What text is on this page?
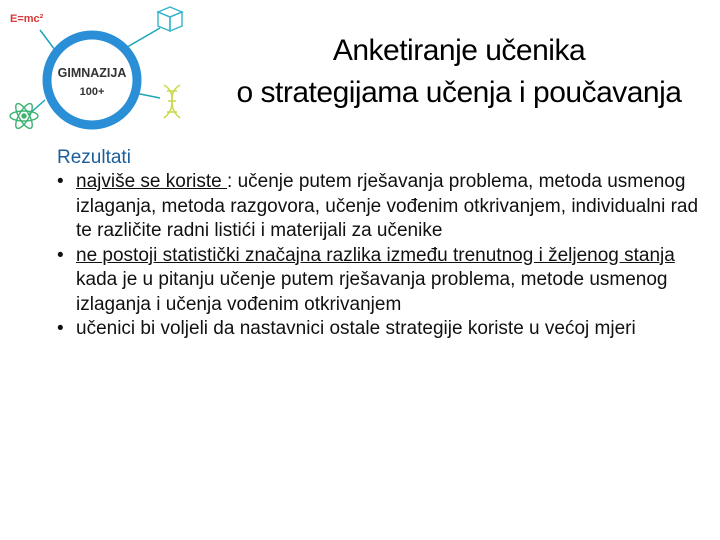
GIMNAZIJA
100+
E=mc²
Anketiranje učenika
o strategijama učenja i poučavanja
Rezultati
• najviše se koriste : učenje putem rješavanja problema, metoda usmenog izlaganja, metoda razgovora, učenje vođenim otkrivanjem, individualni rad te različite radni listići i materijali za učenike
• ne postoji statistički značajna razlika između trenutnog i željenog stanja kada je u pitanju učenje putem rješavanja problema, metode usmenog izlaganja i učenja vođenim otkrivanjem
• učenici bi voljeli da nastavnici ostale strategije koriste u većoj mjeri
